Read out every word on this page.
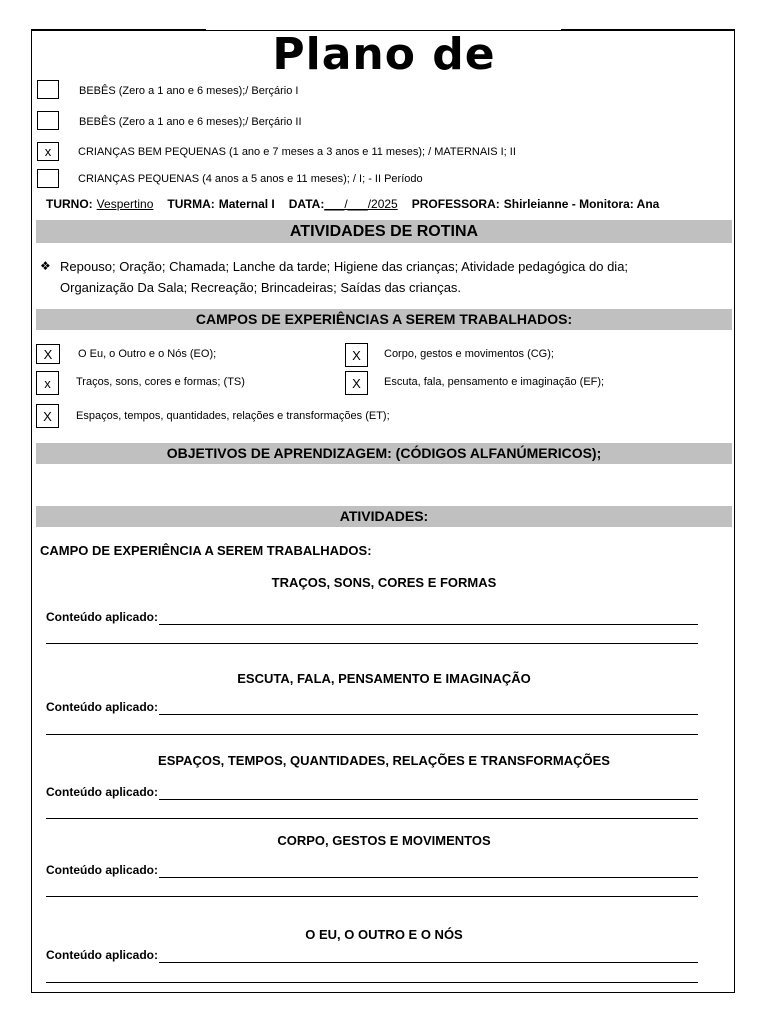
Plano de
BEBÊS (Zero a 1 ano e 6 meses);/ Berçário I
BEBÊS (Zero a 1 ano e 6 meses);/ Berçário II
x	CRIANÇAS BEM PEQUENAS (1 ano e 7 meses a 3 anos e 11 meses); / MATERNAIS I; II
CRIANÇAS PEQUENAS (4 anos a 5 anos e 11 meses); / I; - II Período
TURNO: Vespertino TURMA: Maternal I DATA:___/___/2025 PROFESSORA: Shirleianne - Monitora: Ana
ATIVIDADES DE ROTINA
❖ Repouso; Oração; Chamada; Lanche da tarde; Higiene das crianças; Atividade pedagógica do dia; Organização Da Sala; Recreação; Brincadeiras; Saídas das crianças.
CAMPOS DE EXPERIÊNCIAS A SEREM TRABALHADOS:
X	O Eu, o Outro e o Nós (EO);	X	Corpo, gestos e movimentos (CG);
x	Traços, sons, cores e formas; (TS)	X	Escuta, fala, pensamento e imaginação (EF);
X	Espaços, tempos, quantidades, relações e transformações (ET);
OBJETIVOS DE APRENDIZAGEM: (CÓDIGOS ALFANÚMERICOS);
ATIVIDADES:
CAMPO DE EXPERIÊNCIA A SEREM TRABALHADOS:
TRAÇOS, SONS, CORES E FORMAS
Conteúdo aplicado:
ESCUTA, FALA, PENSAMENTO E IMAGINAÇÃO
Conteúdo aplicado:
ESPAÇOS, TEMPOS, QUANTIDADES, RELAÇÕES E TRANSFORMAÇÕES
Conteúdo aplicado:
CORPO, GESTOS E MOVIMENTOS
Conteúdo aplicado:
O EU, O OUTRO E O NÓS
Conteúdo aplicado:
